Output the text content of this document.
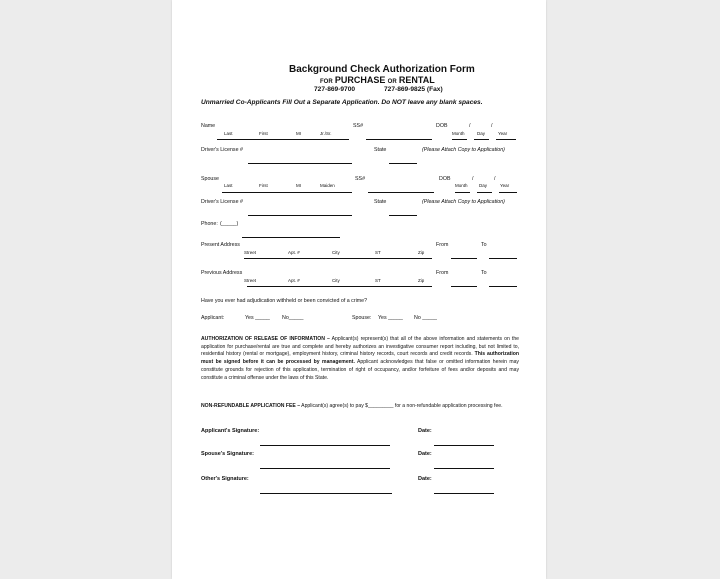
Background Check Authorization Form
FOR PURCHASE OR RENTAL
727-869-9700	727-869-9825 (Fax)
Unmarried Co-Applicants Fill Out a Separate Application. Do NOT leave any blank spaces.
Name	SS#	DOB	/	/
Last	First	MI	Jr./Sr.	Month	Day	Year
Driver's License #	State	(Please Attach Copy to Application)
Spouse	SS#	DOB	/	/
Last	First	MI	Maiden	Month	Day	Year
Driver's License #	State	(Please Attach Copy to Application)
Phone: (_____)
Present Address	From	To
Street	Apt. #	City	ST	Zip
Previous Address	From	To
Street	Apt. #	City	ST	Zip
Have you ever had adjudication withheld or been convicted of a crime?
Applicant:	Yes _____ No_____	Spouse: Yes _____ No _____
AUTHORIZATION OF RELEASE OF INFORMATION – Applicant(s) represent(s) that all of the above information and statements on the application for purchase/rental are true and complete and hereby authorizes an investigative consumer report including, but not limited to, residential history (rental or mortgage), employment history, criminal history records, court records and credit records. This authorization must be signed before it can be processed by management. Applicant acknowledges that false or omitted information herein may constitute grounds for rejection of this application, termination of right of occupancy, and/or forfeiture of fees and/or deposits and may constitute a criminal offense under the laws of this State.
NON-REFUNDABLE APPLICATION FEE – Applicant(s) agree(s) to pay $_________ for a non-refundable application processing fee.
Applicant's Signature:	Date:
Spouse's Signature:	Date:
Other's Signature:	Date:
